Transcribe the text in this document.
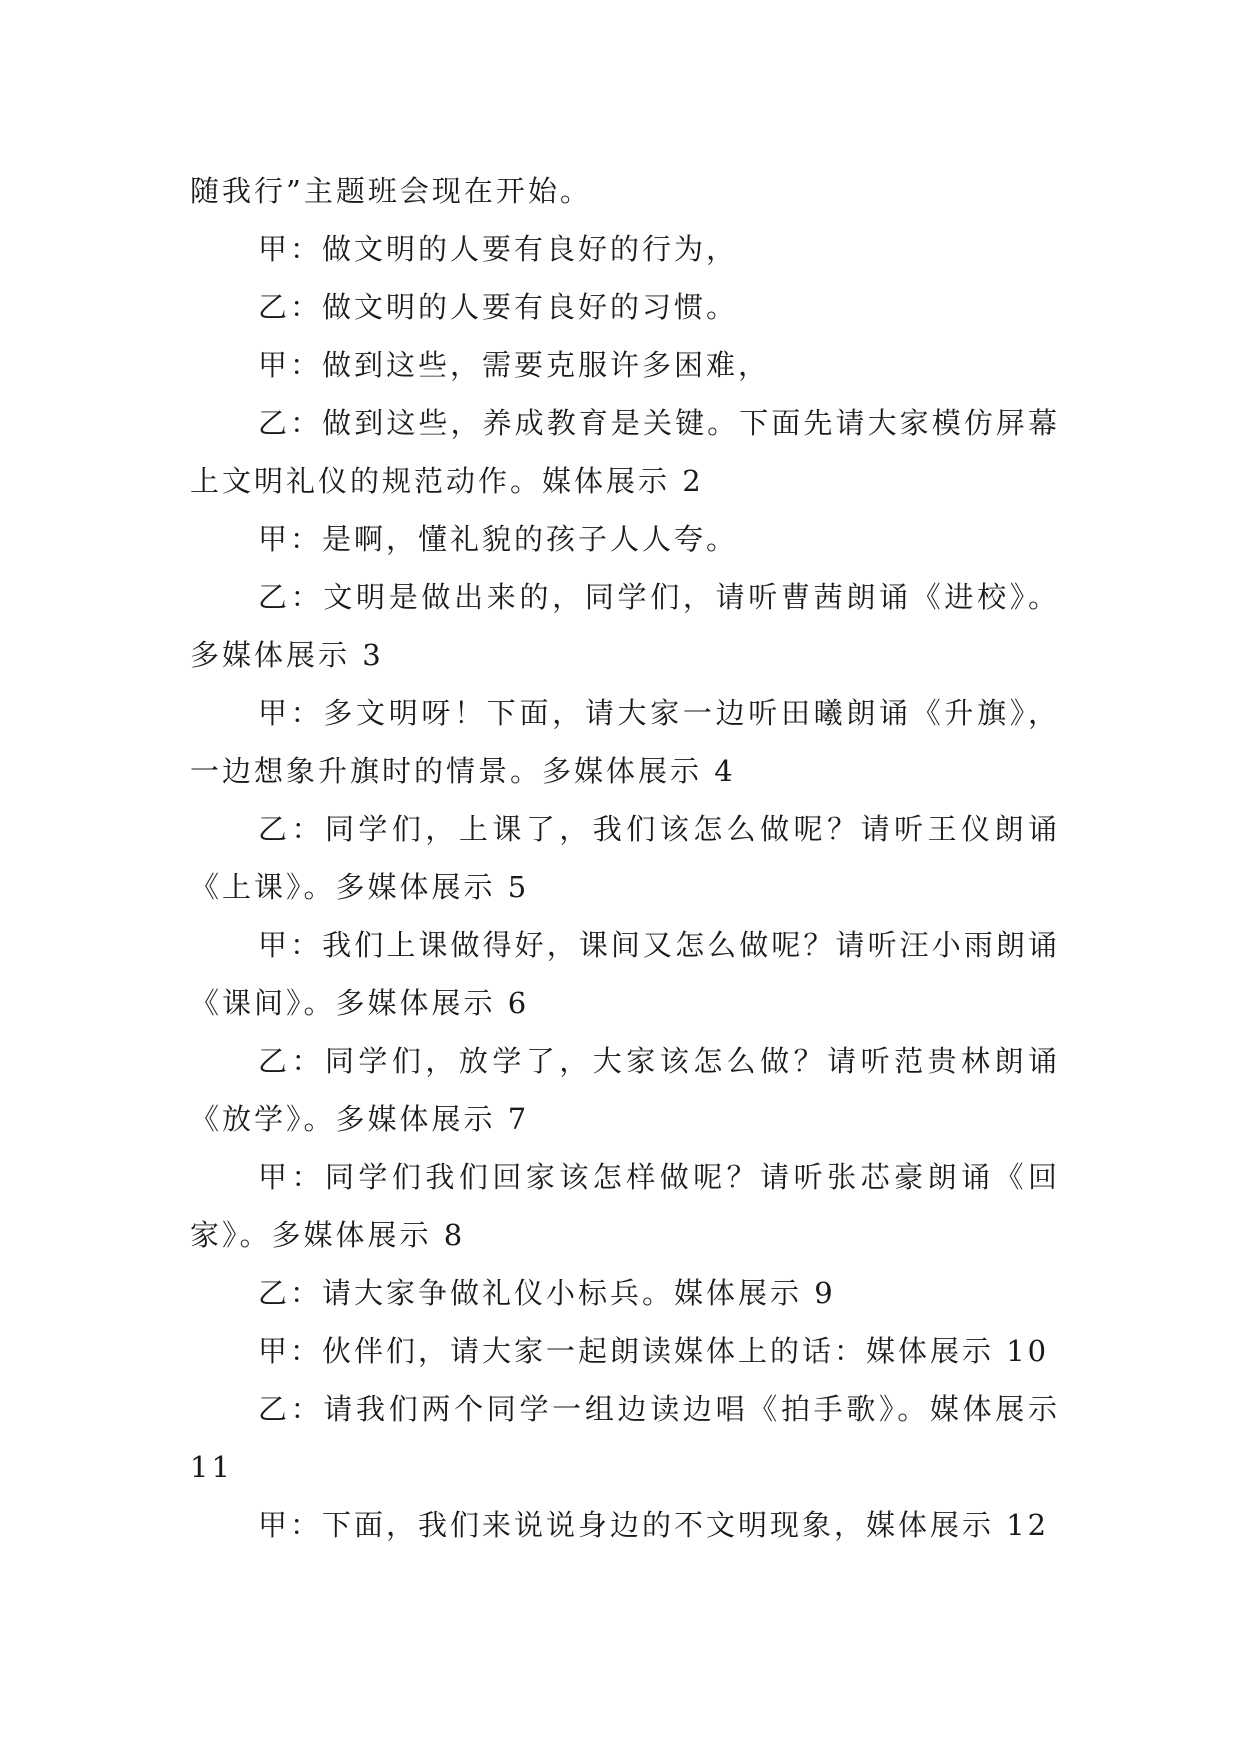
随我行”主题班会现在开始。

甲：做文明的人要有良好的行为，

乙：做文明的人要有良好的习惯。

甲：做到这些，需要克服许多困难，

乙：做到这些，养成教育是关键。下面先请大家模仿屏幕上文明礼仪的规范动作。媒体展示 2

甲：是啊，懂礼貌的孩子人人夸。

乙：文明是做出来的，同学们，请听曹茜朗诵《进校》。多媒体展示 3

甲：多文明呀！下面，请大家一边听田曦朗诵《升旗》，一边想象升旗时的情景。多媒体展示 4

乙：同学们，上课了，我们该怎么做呢？请听王仪朗诵《上课》。多媒体展示 5

甲：我们上课做得好，课间又怎么做呢？请听汪小雨朗诵《课间》。多媒体展示 6

乙：同学们，放学了，大家该怎么做？请听范贵林朗诵《放学》。多媒体展示 7

甲：同学们我们回家该怎样做呢？请听张芯豪朗诵《回家》。多媒体展示 8

乙：请大家争做礼仪小标兵。媒体展示 9

甲：伙伴们，请大家一起朗读媒体上的话：媒体展示 10

乙：请我们两个同学一组边读边唱《拍手歌》。媒体展示 11

甲：下面，我们来说说身边的不文明现象，媒体展示 12
